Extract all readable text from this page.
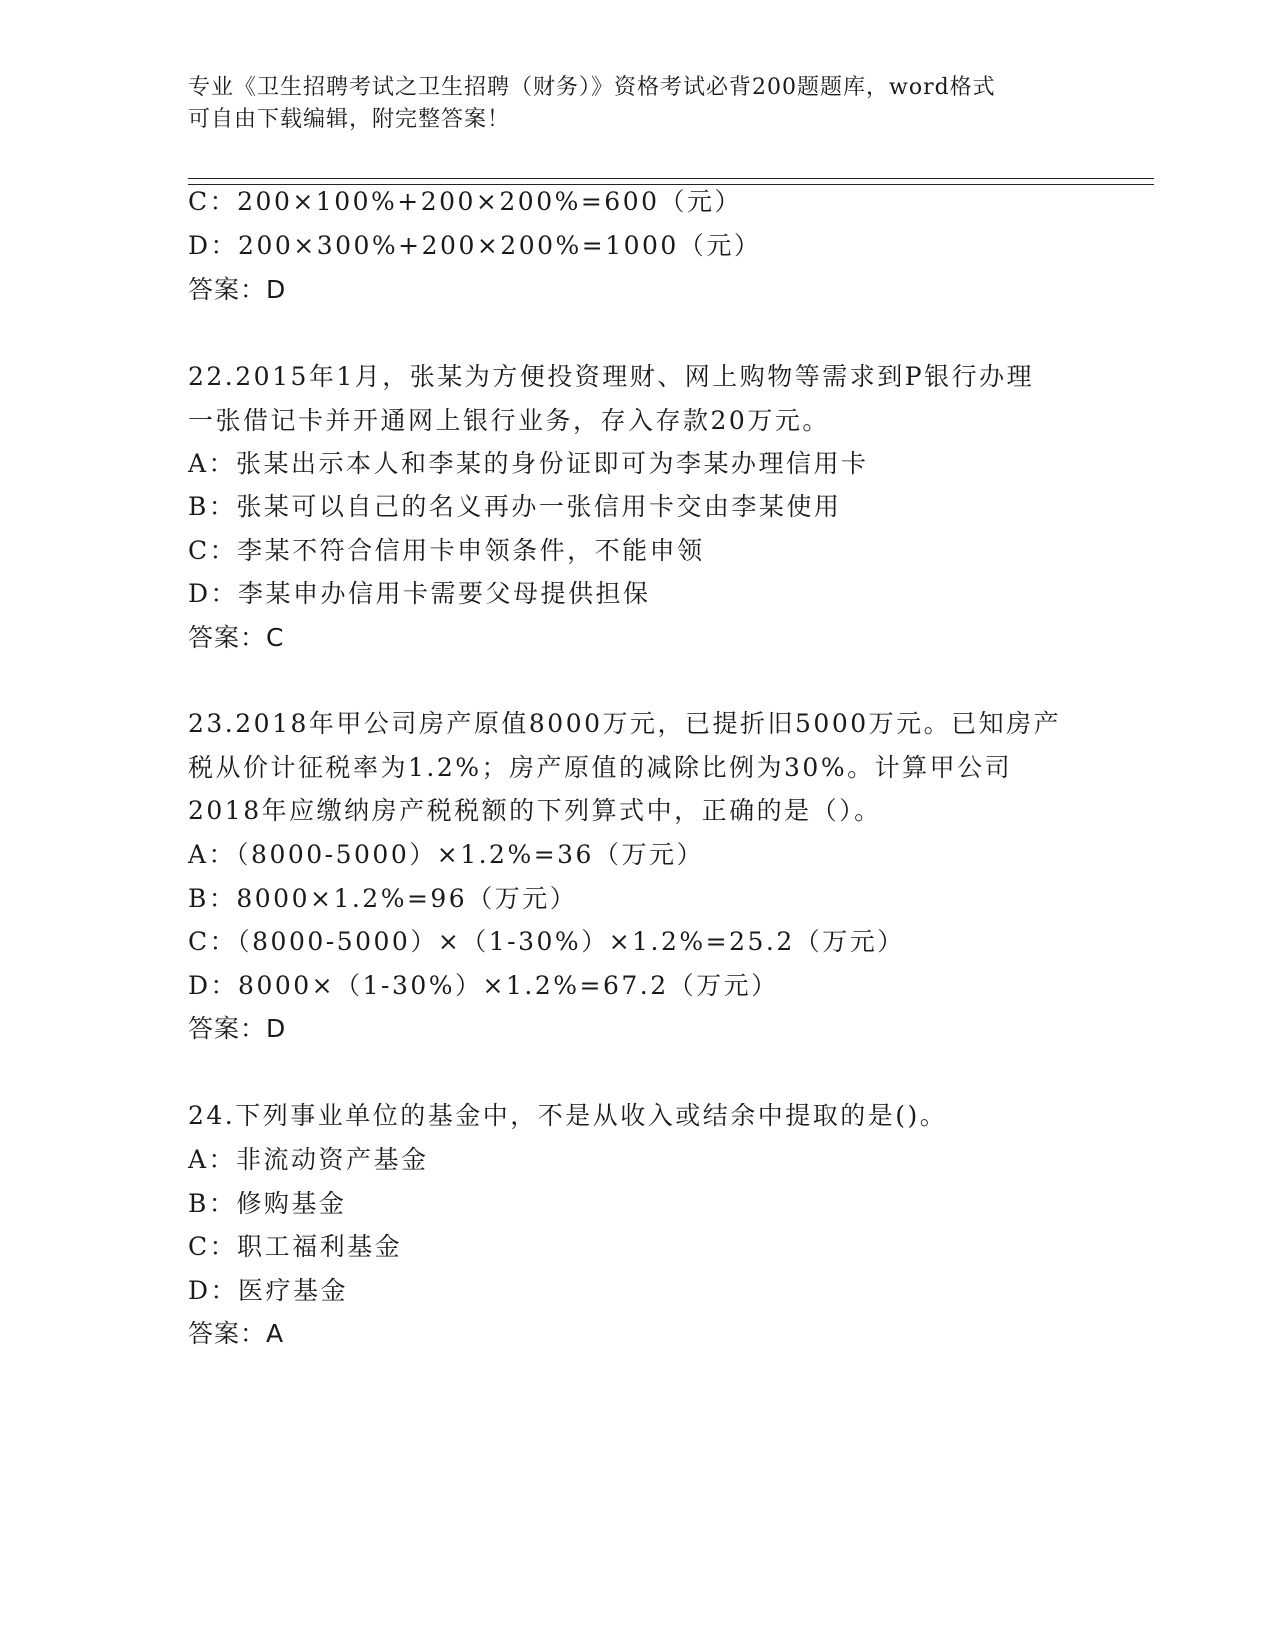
专业《卫生招聘考试之卫生招聘（财务）》资格考试必背200题题库，word格式
可自由下载编辑，附完整答案！
C：200×100%+200×200%=600（元）
D：200×300%+200×200%=1000（元）
答案：D
22.2015年1月，张某为方便投资理财、网上购物等需求到P银行办理
一张借记卡并开通网上银行业务，存入存款20万元。
A：张某出示本人和李某的身份证即可为李某办理信用卡
B：张某可以自己的名义再办一张信用卡交由李某使用
C：李某不符合信用卡申领条件，不能申领
D：李某申办信用卡需要父母提供担保
答案：C
23.2018年甲公司房产原值8000万元，已提折旧5000万元。已知房产
税从价计征税率为1.2%；房产原值的减除比例为30%。计算甲公司
2018年应缴纳房产税税额的下列算式中，正确的是（）。
A：（8000-5000）×1.2%=36（万元）
B：8000×1.2%=96（万元）
C：（8000-5000）×（1-30%）×1.2%=25.2（万元）
D：8000×（1-30%）×1.2%=67.2（万元）
答案：D
24.下列事业单位的基金中，不是从收入或结余中提取的是()。
A：非流动资产基金
B：修购基金
C：职工福利基金
D：医疗基金
答案：A
